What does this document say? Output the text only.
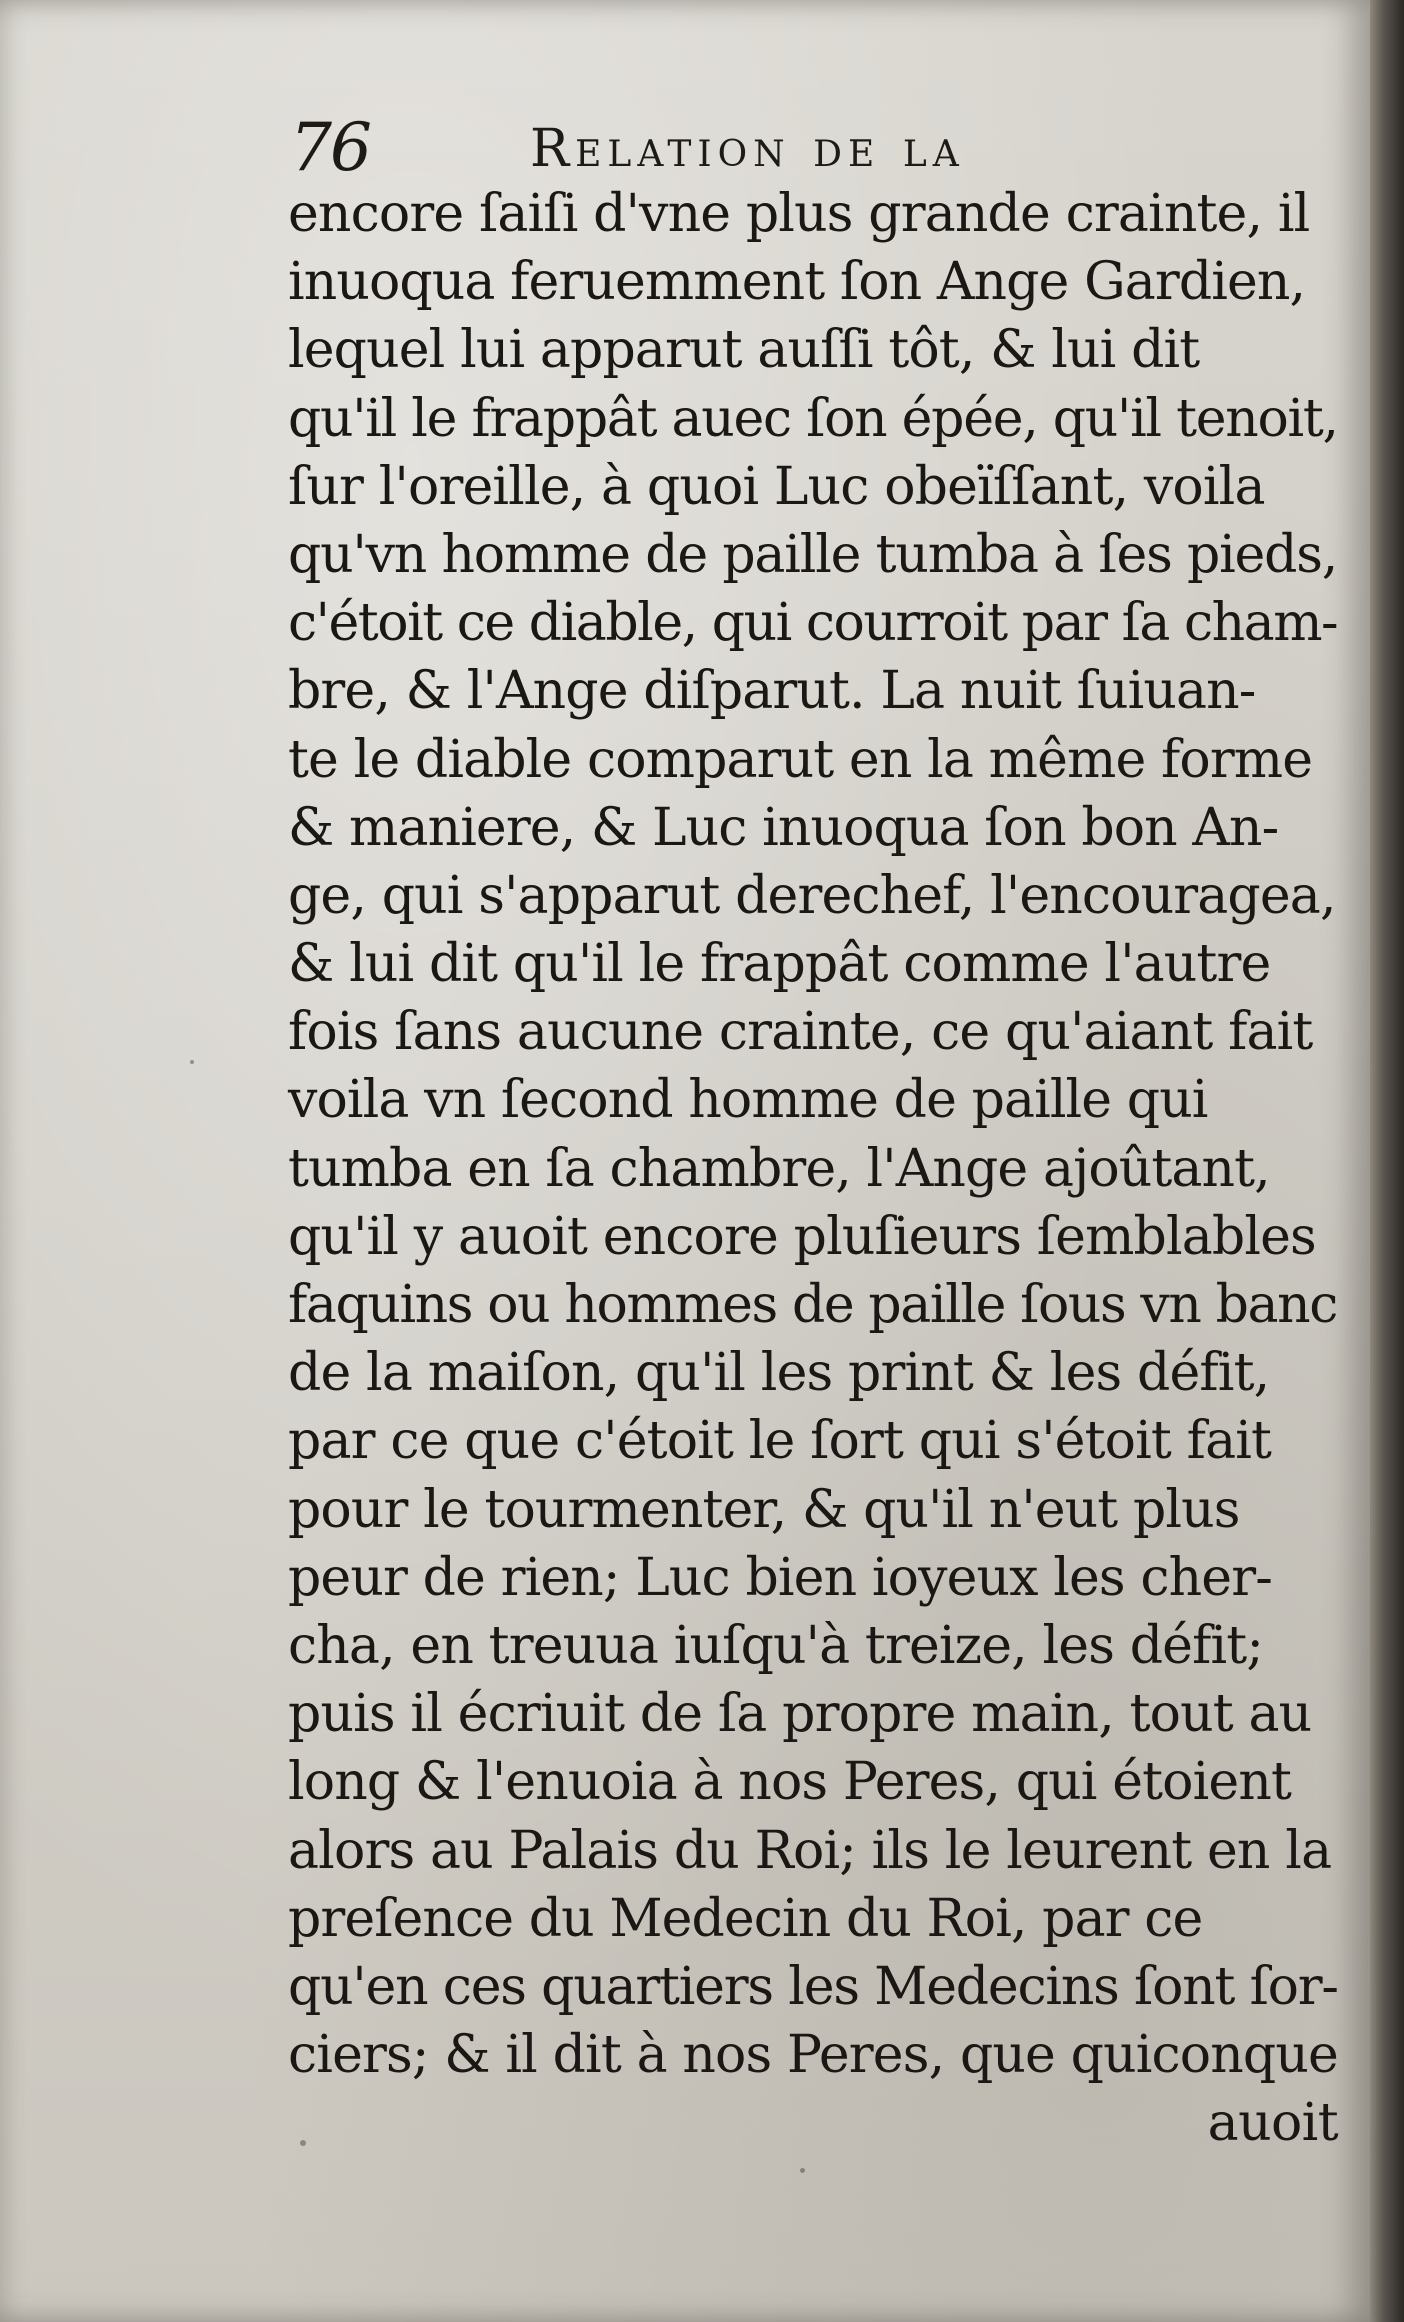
76	Relation de la
encore ſaiſi d'vne plus grande crainte, il
inuoqua feruemment ſon Ange Gardien,
lequel lui apparut auſſi tôt, & lui dit
qu'il le frappât auec ſon épée, qu'il tenoit,
ſur l'oreille, à quoi Luc obeïſſant, voila
qu'vn homme de paille tumba à ſes pieds,
c'étoit ce diable, qui courroit par ſa cham-
bre, & l'Ange diſparut. La nuit ſuiuan-
te le diable comparut en la même forme
& maniere, & Luc inuoqua ſon bon An-
ge, qui s'apparut derechef, l'encouragea,
& lui dit qu'il le frappât comme l'autre
fois ſans aucune crainte, ce qu'aiant fait
voila vn ſecond homme de paille qui
tumba en ſa chambre, l'Ange ajoûtant,
qu'il y auoit encore pluſieurs ſemblables
faquins ou hommes de paille ſous vn banc
de la maiſon, qu'il les print & les défit,
par ce que c'étoit le ſort qui s'étoit fait
pour le tourmenter, & qu'il n'eut plus
peur de rien; Luc bien ioyeux les cher-
cha, en treuua iuſqu'à treize, les défit;
puis il écriuit de ſa propre main, tout au
long & l'enuoia à nos Peres, qui étoient
alors au Palais du Roi; ils le leurent en la
preſence du Medecin du Roi, par ce
qu'en ces quartiers les Medecins ſont ſor-
ciers; & il dit à nos Peres, que quiconque
auoit
